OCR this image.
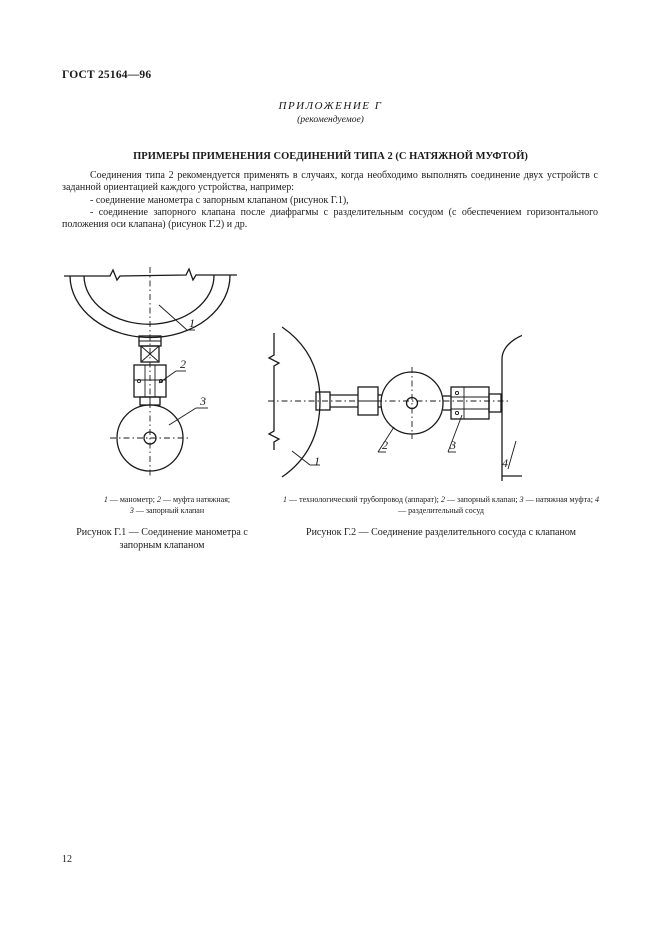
ГОСТ 25164—96
ПРИЛОЖЕНИЕ Г
(рекомендуемое)
ПРИМЕРЫ ПРИМЕНЕНИЯ СОЕДИНЕНИЙ ТИПА 2 (С НАТЯЖНОЙ МУФТОЙ)

Соединения типа 2 рекомендуется применять в случаях, когда необходимо выполнять соединение двух устройств с заданной ориентацией каждого устройства, например:

- соединение манометра с запорным клапаном (рисунок Г.1),

- соединение запорного клапана после диафрагмы с разделительным сосудом (с обеспечением горизонтального положения оси клапана) (рисунок Г.2) и др.

1
2
3
1
2	3
4
1 — манометр; 2 — муфта натяжная;
3 — запорный клапан
1 — технологический трубопровод (аппарат); 2 — запорный клапан; 3 — натяжная муфта; 4 — разделительный сосуд
Рисунок Г.1 — Соединение манометра с запорным клапаном
Рисунок Г.2 — Соединение разделительного сосуда с клапаном
12
